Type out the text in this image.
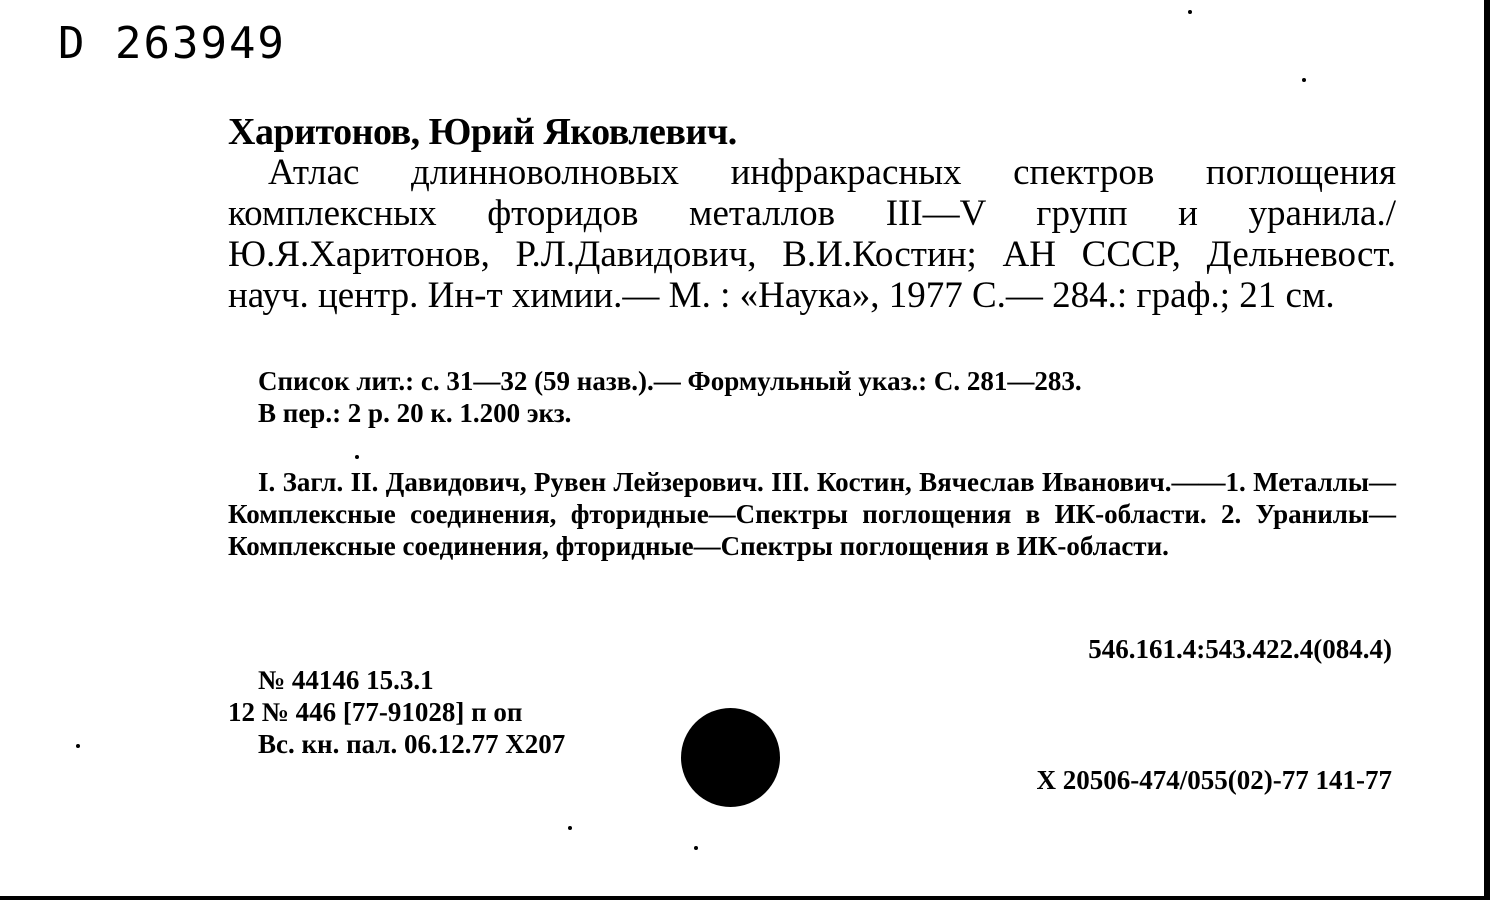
D 263949
Харитонов, Юрий Яковлевич.
Атлас длинноволновых инфракрасных спектров поглощения комплексных фторидов металлов III—V групп и уранила./ Ю.Я.Харитонов, Р.Л.Давидович, В.И.Костин; АН СССР, Дельневост. науч. центр. Ин-т химии.— М. : «Наука», 1977 С.— 284.: граф.; 21 см.
Список лит.: с. 31—32 (59 назв.).— Формульный указ.: С. 281—283.
В пер.: 2 р. 20 к. 1.200 экз.
I. Загл. II. Давидович, Рувен Лейзерович. III. Костин, Вячеслав Иванович.——1. Металлы—Комплексные соединения, фторидные—Спектры поглощения в ИК-области. 2. Уранилы—Комплексные соединения, фторидные—Спектры поглощения в ИК-области.
546.161.4:543.422.4(084.4)
№ 44146 15.3.1
12 № 446 [77-91028] п оп
Вс. кн. пал. 06.12.77 X207
X 20506-474/055(02)-77 141-77
